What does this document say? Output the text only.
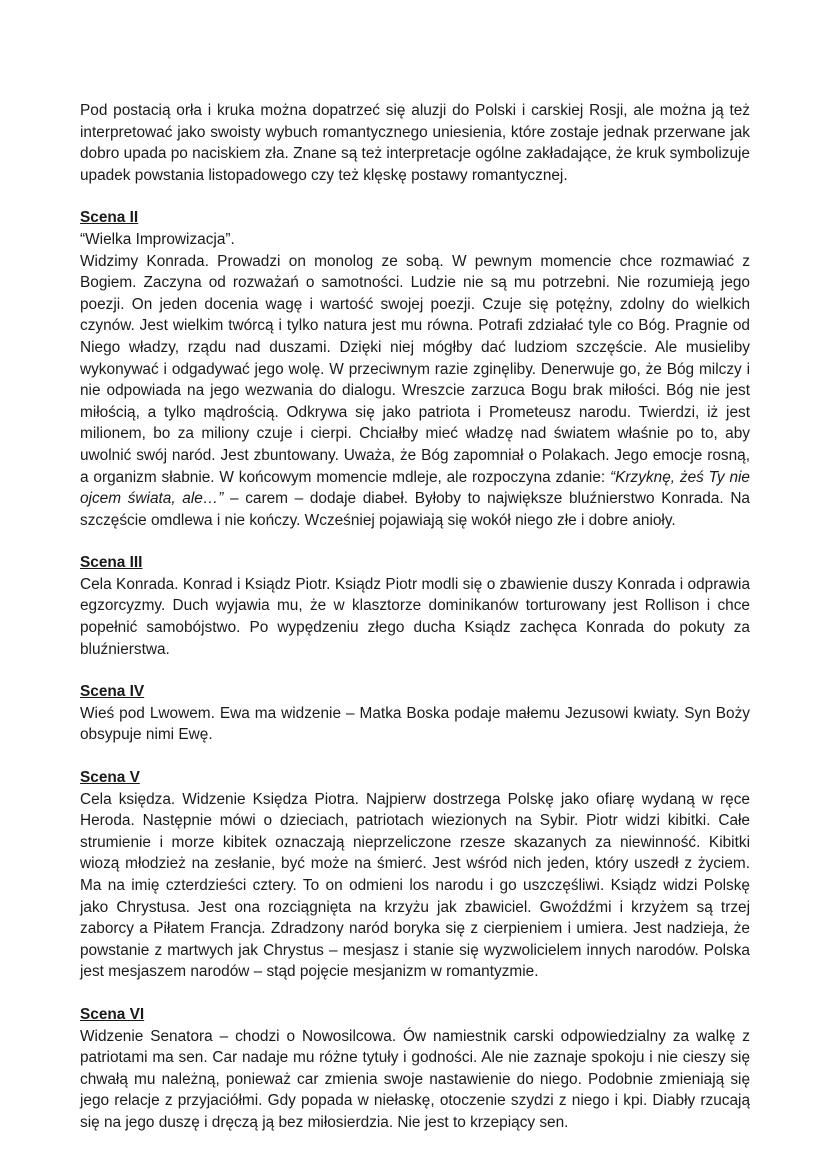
Pod postacią orła i kruka można dopatrzeć się aluzji do Polski i carskiej Rosji, ale można ją też interpretować jako swoisty wybuch romantycznego uniesienia, które zostaje jednak przerwane jak dobro upada po naciskiem zła. Znane są też interpretacje ogólne zakładające, że kruk symbolizuje upadek powstania listopadowego czy też klęskę postawy romantycznej.

Scena II

“Wielka Improwizacja”.

Widzimy Konrada. Prowadzi on monolog ze sobą. W pewnym momencie chce rozmawiać z Bogiem. Zaczyna od rozważań o samotności. Ludzie nie są mu potrzebni. Nie rozumieją jego poezji. On jeden docenia wagę i wartość swojej poezji. Czuje się potężny, zdolny do wielkich czynów. Jest wielkim twórcą i tylko natura jest mu równa. Potrafi zdziałać tyle co Bóg. Pragnie od Niego władzy, rządu nad duszami. Dzięki niej mógłby dać ludziom szczęście. Ale musieliby wykonywać i odgadywać jego wolę. W przeciwnym razie zginęliby. Denerwuje go, że Bóg milczy i nie odpowiada na jego wezwania do dialogu. Wreszcie zarzuca Bogu brak miłości. Bóg nie jest miłością, a tylko mądrością. Odkrywa się jako patriota i Prometeusz narodu. Twierdzi, iż jest milionem, bo za miliony czuje i cierpi. Chciałby mieć władzę nad światem właśnie po to, aby uwolnić swój naród. Jest zbuntowany. Uważa, że Bóg zapomniał o Polakach. Jego emocje rosną, a organizm słabnie. W końcowym momencie mdleje, ale rozpoczyna zdanie: “Krzyknę, żeś Ty nie ojcem świata, ale…” – carem – dodaje diabeł. Byłoby to największe bluźnierstwo Konrada. Na szczęście omdlewa i nie kończy. Wcześniej pojawiają się wokół niego złe i dobre anioły.

Scena III

Cela Konrada. Konrad i Ksiądz Piotr. Ksiądz Piotr modli się o zbawienie duszy Konrada i odprawia egzorcyzmy. Duch wyjawia mu, że w klasztorze dominikanów torturowany jest Rollison i chce popełnić samobójstwo. Po wypędzeniu złego ducha Ksiądz zachęca Konrada do pokuty za bluźnierstwa.

Scena IV

Wieś pod Lwowem. Ewa ma widzenie – Matka Boska podaje małemu Jezusowi kwiaty. Syn Boży obsypuje nimi Ewę.

Scena V

Cela księdza. Widzenie Księdza Piotra. Najpierw dostrzega Polskę jako ofiarę wydaną w ręce Heroda. Następnie mówi o dzieciach, patriotach wiezionych na Sybir. Piotr widzi kibitki. Całe strumienie i morze kibitek oznaczają nieprzeliczone rzesze skazanych za niewinność. Kibitki wiozą młodzież na zesłanie, być może na śmierć. Jest wśród nich jeden, który uszedł z życiem. Ma na imię czterdzieści cztery. To on odmieni los narodu i go uszczęśliwi. Ksiądz widzi Polskę jako Chrystusa. Jest ona rozciągnięta na krzyżu jak zbawiciel. Gwoźdźmi i krzyżem są trzej zaborcy a Piłatem Francja. Zdradzony naród boryka się z cierpieniem i umiera. Jest nadzieja, że powstanie z martwych jak Chrystus – mesjasz i stanie się wyzwolicielem innych narodów. Polska jest mesjaszem narodów – stąd pojęcie mesjanizm w romantyzmie.

Scena VI

Widzenie Senatora – chodzi o Nowosilcowa. Ów namiestnik carski odpowiedzialny za walkę z patriotami ma sen. Car nadaje mu różne tytuły i godności. Ale nie zaznaje spokoju i nie cieszy się chwałą mu należną, ponieważ car zmienia swoje nastawienie do niego. Podobnie zmieniają się jego relacje z przyjaciółmi. Gdy popada w niełaskę, otoczenie szydzi z niego i kpi. Diabły rzucają się na jego duszę i dręczą ją bez miłosierdzia. Nie jest to krzepiący sen.
